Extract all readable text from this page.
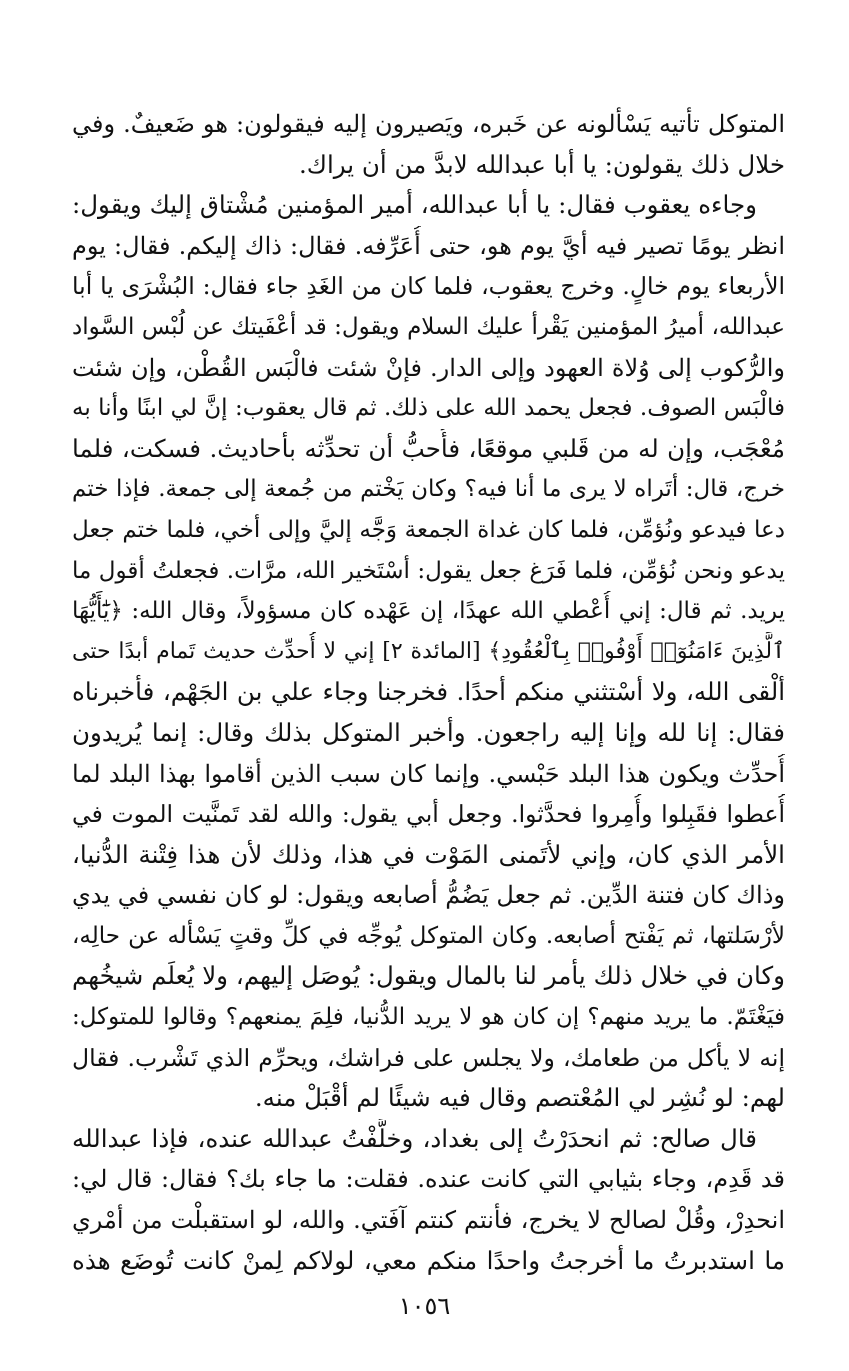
المتوكل تأتيه يَسْألونه عن خَبره، ويَصيرون إليه فيقولون: هو ضَعيفٌ. وفي
خلال ذلك يقولون: يا أبا عبدالله لابدَّ من أن يراك.
وجاءه يعقوب فقال: يا أبا عبدالله، أمير المؤمنين مُشْتاق إليك ويقول:
انظر يومًا تصير فيه أيَّ يوم هو، حتى أُعَرِّفه. فقال: ذاك إليكم. فقال: يوم
الأربعاء يوم خالٍ. وخرج يعقوب، فلما كان من الغَدِ جاء فقال: البُشْرَى يا أبا
عبدالله، أميرُ المؤمنين يَقْرأ عليك السلام ويقول: قد أعْفَيتك عن لُبْس السَّواد
والرُّكوب إلى وُلاة العهود وإلى الدار. فإنْ شئت فالْبَس القُطْن، وإن شئت
فالْبَس الصوف. فجعل يحمد الله على ذلك. ثم قال يعقوب: إنَّ لي ابنًا وأنا به
مُعْجَب، وإن له من قَلبي موقعًا، فأُحبُّ أن تحدِّثه بأحاديث. فسكت، فلما
خرج، قال: أتَراه لا يرى ما أنا فيه؟ وكان يَخْتم من جُمعة إلى جمعة. فإذا ختم
دعا فيدعو ونُؤمِّن، فلما كان غداة الجمعة وَجَّه إليَّ وإلى أخي، فلما ختم جعل
يدعو ونحن نُؤمِّن، فلما فَرَغ جعل يقول: أسْتَخير الله، مرَّات. فجعلتُ أقول ما
يريد. ثم قال: إني أُعْطي الله عهدًا، إن عَهْده كان مسؤولاً، وقال الله: ﴿يَٰٓأَيُّهَا
ٱلَّذِينَ ءَامَنُوٓا۟ أَوْفُوا۟ بِٱلْعُقُودِ﴾ [المائدة ٢] إني لا أُحدِّث حديث تَمام أبدًا حتى
ألْقى الله، ولا أسْتثني منكم أحدًا. فخرجنا وجاء علي بن الجَهْم، فأخبرناه
فقال: إنا لله وإنا إليه راجعون. وأخبر المتوكل بذلك وقال: إنما يُريدون
أُحدِّث ويكون هذا البلد حَبْسي. وإنما كان سبب الذين أقاموا بهذا البلد لما
أُعطوا فقَبِلوا وأُمِروا فحدَّثوا. وجعل أبي يقول: والله لقد تَمنَّيت الموت في
الأمر الذي كان، وإني لأتَمنى المَوْت في هذا، وذلك لأن هذا فِتْنة الدُّنيا،
وذاك كان فتنة الدِّين. ثم جعل يَضُمُّ أصابعه ويقول: لو كان نفسي في يدي
لأرْسَلتها، ثم يَفْتح أصابعه. وكان المتوكل يُوجِّه في كلِّ وقتٍ يَسْأله عن حالِه،
وكان في خلال ذلك يأمر لنا بالمال ويقول: يُوصَل إليهم، ولا يُعلَم شيخُهم
فيَغْتَمّ. ما يريد منهم؟ إن كان هو لا يريد الدُّنيا، فلِمَ يمنعهم؟ وقالوا للمتوكل:
إنه لا يأكل من طعامك، ولا يجلس على فراشك، ويحرِّم الذي تَشْرب. فقال
لهم: لو نُشِر لي المُعْتصم وقال فيه شيئًا لم أقْبَلْ منه.
قال صالح: ثم انحدَرْتُ إلى بغداد، وخلَّفْتُ عبدالله عنده، فإذا عبدالله
قد قَدِم، وجاء بثيابي التي كانت عنده. فقلت: ما جاء بك؟ فقال: قال لي:
انحدِرْ، وقُلْ لصالح لا يخرج، فأنتم كنتم آفَتي. والله، لو استقبلْت من أمْري
ما استدبرتُ ما أخرجتُ واحدًا منكم معي، لولاكم لِمنْ كانت تُوضَع هذه
١٠٥٦
